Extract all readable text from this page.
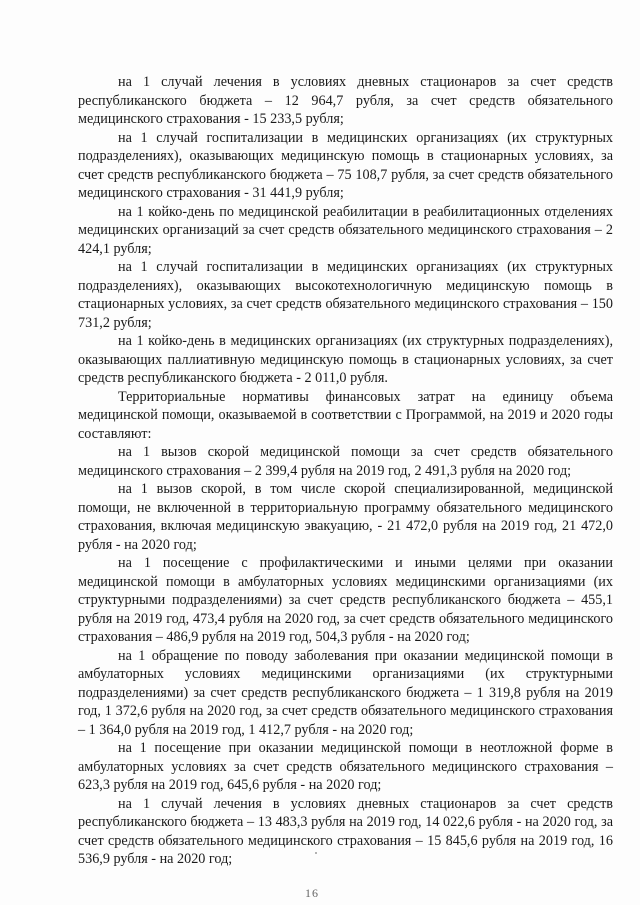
на 1 случай лечения в условиях дневных стационаров за счет средств республиканского бюджета – 12 964,7 рубля, за счет средств обязательного медицинского страхования - 15 233,5 рубля;

на 1 случай госпитализации в медицинских организациях (их структурных подразделениях), оказывающих медицинскую помощь в стационарных условиях, за счет средств республиканского бюджета – 75 108,7 рубля, за счет средств обязательного медицинского страхования - 31 441,9 рубля;

на 1 койко-день по медицинской реабилитации в реабилитационных отделениях медицинских организаций за счет средств обязательного медицинского страхования – 2 424,1 рубля;

на 1 случай госпитализации в медицинских организациях (их структурных подразделениях), оказывающих высокотехнологичную медицинскую помощь в стационарных условиях, за счет средств обязательного медицинского страхования – 150 731,2 рубля;

на 1 койко-день в медицинских организациях (их структурных подразделениях), оказывающих паллиативную медицинскую помощь в стационарных условиях, за счет средств республиканского бюджета - 2 011,0 рубля.

Территориальные нормативы финансовых затрат на единицу объема медицинской помощи, оказываемой в соответствии с Программой, на 2019 и 2020 годы составляют:

на 1 вызов скорой медицинской помощи за счет средств обязательного медицинского страхования – 2 399,4 рубля на 2019 год, 2 491,3 рубля на 2020 год;

на 1 вызов скорой, в том числе скорой специализированной, медицинской помощи, не включенной в территориальную программу обязательного медицинского страхования, включая медицинскую эвакуацию, - 21 472,0 рубля на 2019 год, 21 472,0 рубля - на 2020 год;

на 1 посещение с профилактическими и иными целями при оказании медицинской помощи в амбулаторных условиях медицинскими организациями (их структурными подразделениями) за счет средств республиканского бюджета – 455,1 рубля на 2019 год, 473,4 рубля на 2020 год, за счет средств обязательного медицинского страхования – 486,9 рубля на 2019 год, 504,3 рубля - на 2020 год;

на 1 обращение по поводу заболевания при оказании медицинской помощи в амбулаторных условиях медицинскими организациями (их структурными подразделениями) за счет средств республиканского бюджета – 1 319,8 рубля на 2019 год, 1 372,6 рубля на 2020 год, за счет средств обязательного медицинского страхования – 1 364,0 рубля на 2019 год, 1 412,7 рубля - на 2020 год;

на 1 посещение при оказании медицинской помощи в неотложной форме в амбулаторных условиях за счет средств обязательного медицинского страхования – 623,3 рубля на 2019 год, 645,6 рубля - на 2020 год;

на 1 случай лечения в условиях дневных стационаров за счет средств республиканского бюджета – 13 483,3 рубля на 2019 год, 14 022,6 рубля - на 2020 год, за счет средств обязательного медицинского страхования – 15 845,6 рубля на 2019 год, 16 536,9 рубля - на 2020 год;

16
